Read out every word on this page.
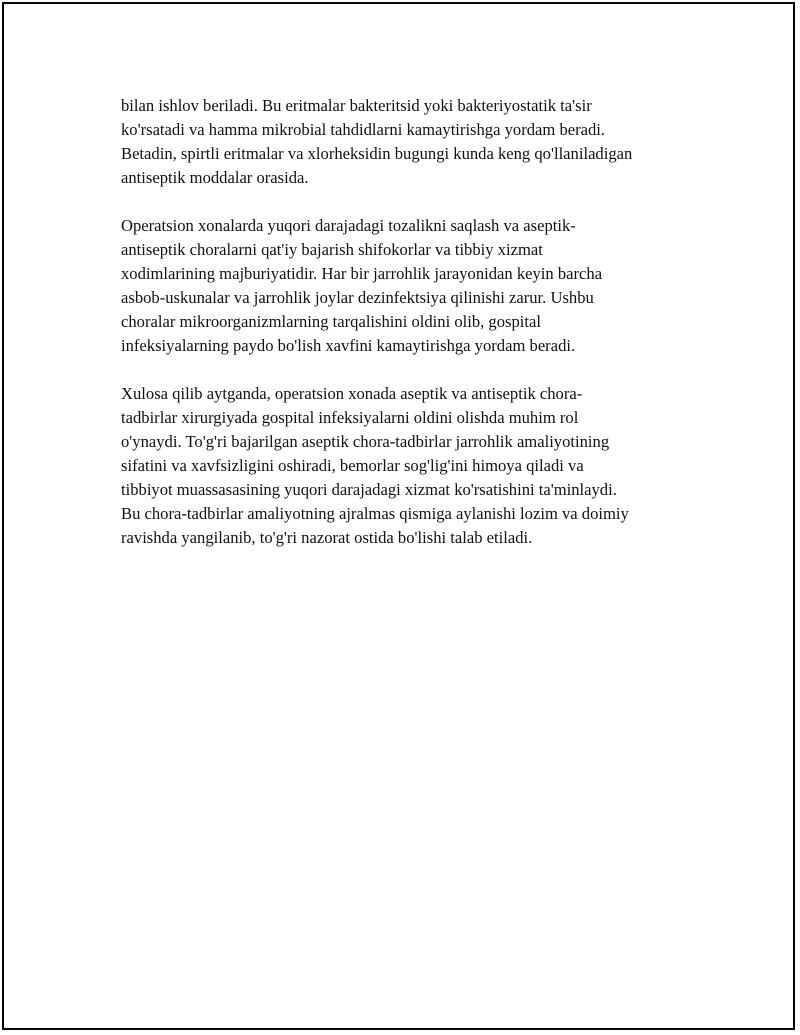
bilan ishlov beriladi. Bu eritmalar bakteritsid yoki bakteriyostatik ta'sir
ko'rsatadi va hamma mikrobial tahdidlarni kamaytirishga yordam beradi.
Betadin, spirtli eritmalar va xlorheksidin bugungi kunda keng qo'llaniladigan
antiseptik moddalar orasida.

Operatsion xonalarda yuqori darajadagi tozalikni saqlash va aseptik-
antiseptik choralarni qat'iy bajarish shifokorlar va tibbiy xizmat
xodimlarining majburiyatidir. Har bir jarrohlik jarayonidan keyin barcha
asbob-uskunalar va jarrohlik joylar dezinfektsiya qilinishi zarur. Ushbu
choralar mikroorganizmlarning tarqalishini oldini olib, gospital
infeksiyalarning paydo bo'lish xavfini kamaytirishga yordam beradi.

Xulosa qilib aytganda, operatsion xonada aseptik va antiseptik chora-
tadbirlar xirurgiyada gospital infeksiyalarni oldini olishda muhim rol
o'ynaydi. To'g'ri bajarilgan aseptik chora-tadbirlar jarrohlik amaliyotining
sifatini va xavfsizligini oshiradi, bemorlar sog'lig'ini himoya qiladi va
tibbiyot muassasasining yuqori darajadagi xizmat ko'rsatishini ta'minlaydi.
Bu chora-tadbirlar amaliyotning ajralmas qismiga aylanishi lozim va doimiy
ravishda yangilanib, to'g'ri nazorat ostida bo'lishi talab etiladi.
